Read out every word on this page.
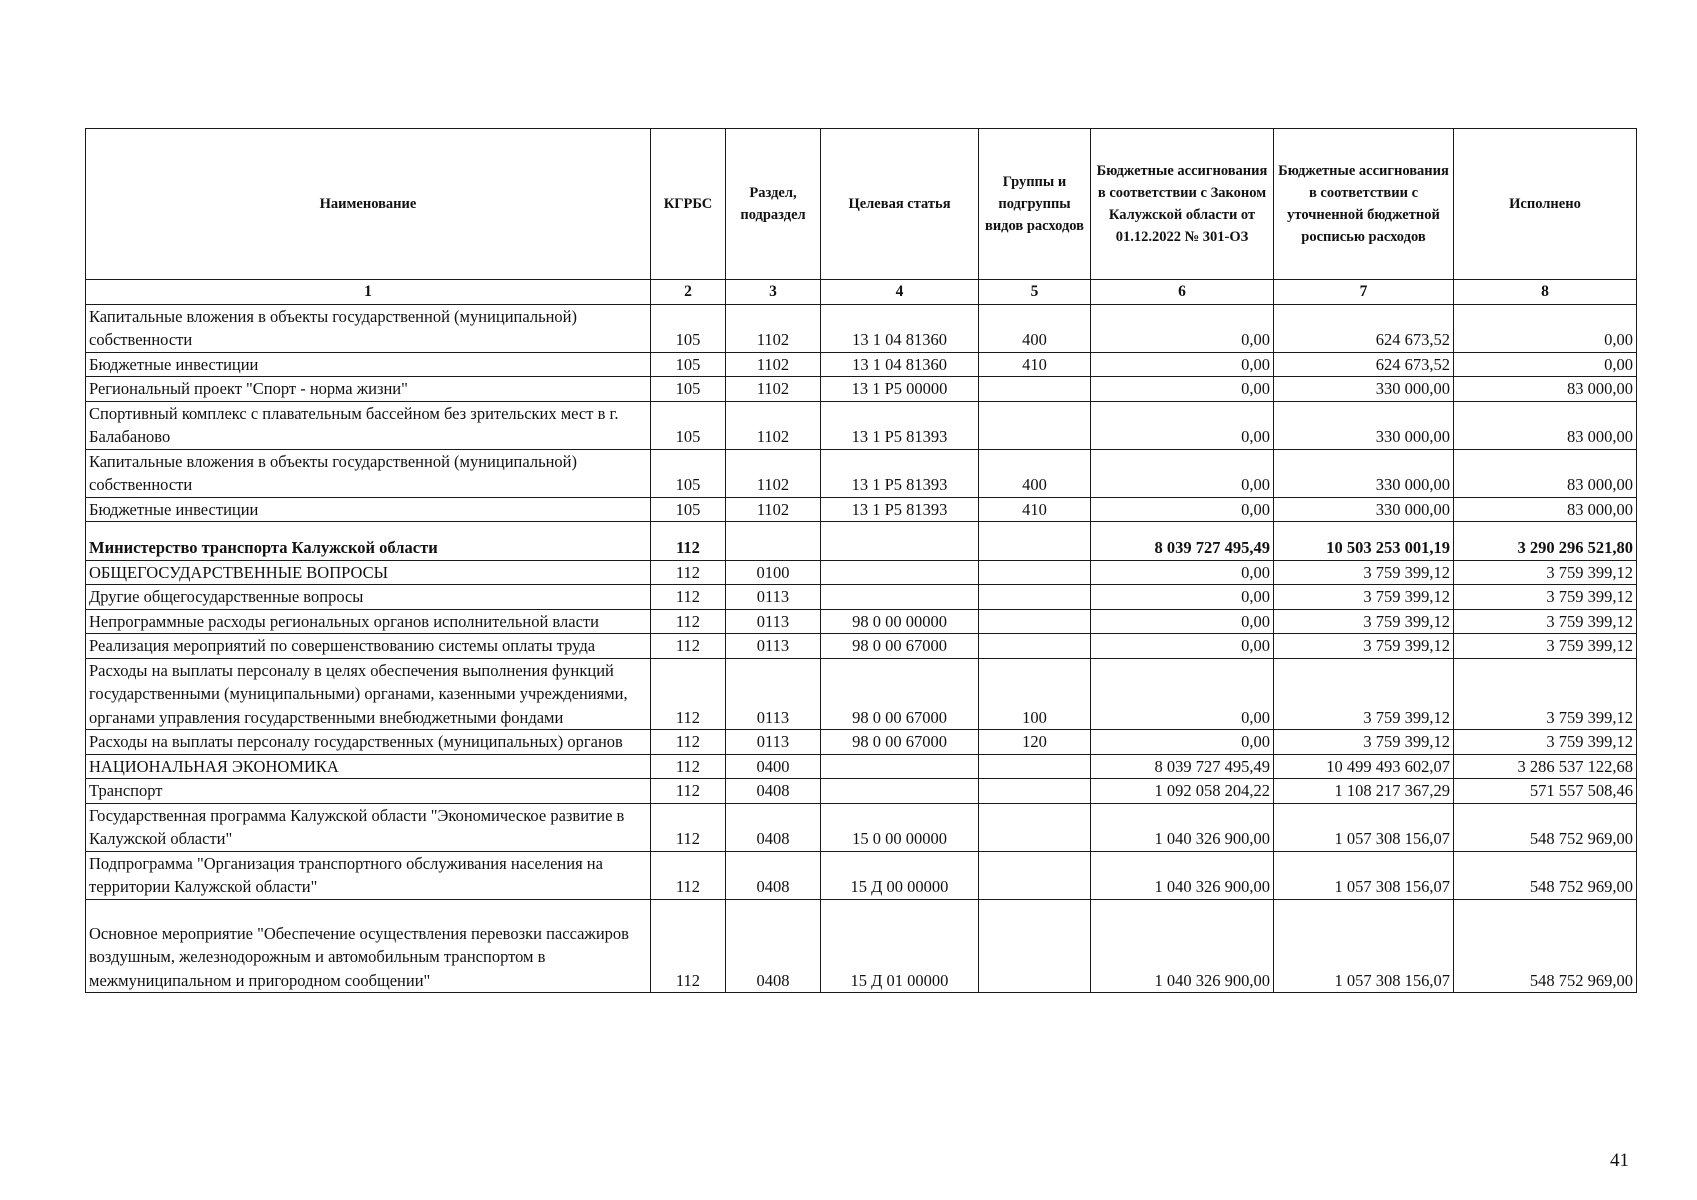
Наименование	КГРБС	Раздел, подраздел	Целевая статья	Группы и подгруппы видов расходов	Бюджетные ассигнования в соответствии с Законом Калужской области от 01.12.2022 № 301-ОЗ	Бюджетные ассигнования в соответствии с уточненной бюджетной росписью расходов	Исполнено
1	2	3	4	5	6	7	8
Капитальные вложения в объекты государственной (муниципальной) собственности	105	1102	13 1 04 81360	400	0,00	624 673,52	0,00
Бюджетные инвестиции	105	1102	13 1 04 81360	410	0,00	624 673,52	0,00
Региональный проект "Спорт - норма жизни"	105	1102	13 1 P5 00000		0,00	330 000,00	83 000,00
Спортивный комплекс с плавательным бассейном без зрительских мест в г. Балабаново	105	1102	13 1 P5 81393		0,00	330 000,00	83 000,00
Капитальные вложения в объекты государственной (муниципальной) собственности	105	1102	13 1 P5 81393	400	0,00	330 000,00	83 000,00
Бюджетные инвестиции	105	1102	13 1 P5 81393	410	0,00	330 000,00	83 000,00
Министерство транспорта Калужской области	112				8 039 727 495,49	10 503 253 001,19	3 290 296 521,80
ОБЩЕГОСУДАРСТВЕННЫЕ ВОПРОСЫ	112	0100			0,00	3 759 399,12	3 759 399,12
Другие общегосударственные вопросы	112	0113			0,00	3 759 399,12	3 759 399,12
Непрограммные расходы региональных органов исполнительной власти	112	0113	98 0 00 00000		0,00	3 759 399,12	3 759 399,12
Реализация мероприятий по совершенствованию системы оплаты труда	112	0113	98 0 00 67000		0,00	3 759 399,12	3 759 399,12
Расходы на выплаты персоналу в целях обеспечения выполнения функций государственными (муниципальными) органами, казенными учреждениями, органами управления государственными внебюджетными фондами	112	0113	98 0 00 67000	100	0,00	3 759 399,12	3 759 399,12
Расходы на выплаты персоналу государственных (муниципальных) органов	112	0113	98 0 00 67000	120	0,00	3 759 399,12	3 759 399,12
НАЦИОНАЛЬНАЯ ЭКОНОМИКА	112	0400			8 039 727 495,49	10 499 493 602,07	3 286 537 122,68
Транспорт	112	0408			1 092 058 204,22	1 108 217 367,29	571 557 508,46
Государственная программа Калужской области "Экономическое развитие в Калужской области"	112	0408	15 0 00 00000		1 040 326 900,00	1 057 308 156,07	548 752 969,00
Подпрограмма "Организация транспортного обслуживания населения на территории Калужской области"	112	0408	15 Д 00 00000		1 040 326 900,00	1 057 308 156,07	548 752 969,00
Основное мероприятие "Обеспечение осуществления перевозки пассажиров воздушным, железнодорожным и автомобильным транспортом в межмуниципальном и пригородном сообщении"	112	0408	15 Д 01 00000		1 040 326 900,00	1 057 308 156,07	548 752 969,00
41
